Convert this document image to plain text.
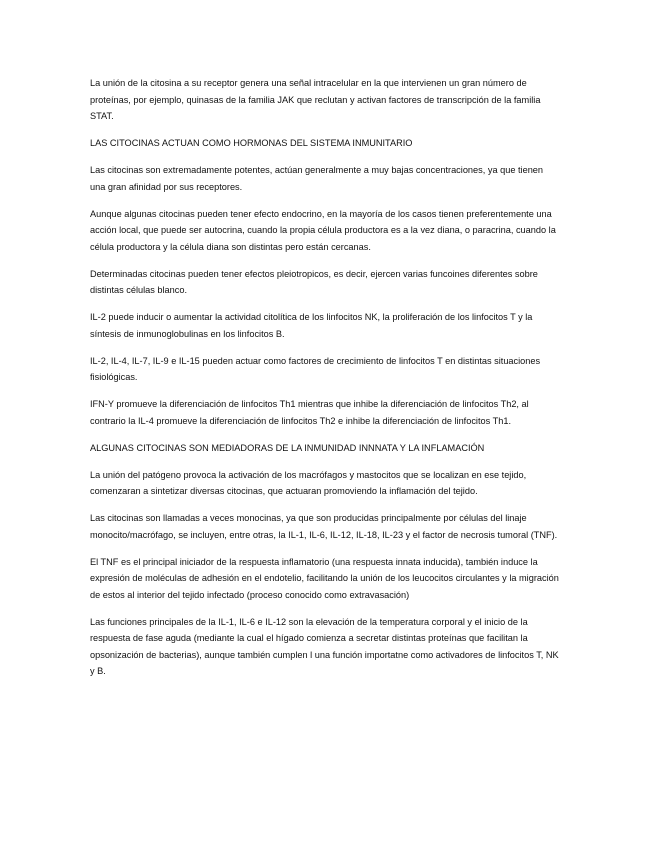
La unión de la citosina a su receptor genera una señal intracelular en la que intervienen un gran número de proteínas, por ejemplo, quinasas de la familia JAK que reclutan y activan factores de transcripción de la familia STAT.

LAS CITOCINAS ACTUAN COMO HORMONAS DEL SISTEMA INMUNITARIO

Las citocinas son extremadamente potentes, actúan generalmente a muy bajas concentraciones, ya que tienen una gran afinidad por sus receptores.

Aunque algunas citocinas pueden tener efecto endocrino, en la mayoría de los casos tienen preferentemente una acción local, que puede ser autocrina, cuando la propia célula productora es a la vez diana, o paracrina, cuando la célula productora y la célula diana son distintas pero están cercanas.

Determinadas citocinas pueden tener efectos pleiotropicos, es decir, ejercen varias funcoines diferentes sobre distintas células blanco.

IL-2 puede inducir o aumentar la actividad citolítica de los linfocitos NK, la proliferación de los linfocitos T y la síntesis de inmunoglobulinas en los linfocitos B.

IL-2, IL-4, IL-7, IL-9 e IL-15 pueden actuar como factores de crecimiento de linfocitos T en distintas situaciones fisiológicas.

IFN-Y promueve la diferenciación de linfocitos Th1 mientras que inhibe la diferenciación de linfocitos Th2, al contrario la IL-4 promueve la diferenciación de linfocitos Th2 e inhibe la diferenciación de linfocitos Th1.

ALGUNAS CITOCINAS SON MEDIADORAS DE LA INMUNIDAD INNNATA Y LA INFLAMACIÓN

La unión del patógeno provoca la activación de los macrófagos y mastocitos que se localizan en ese tejido, comenzaran a sintetizar diversas citocinas, que actuaran promoviendo la inflamación del tejido.

Las citocinas son llamadas a veces monocinas, ya que son producidas principalmente por células del linaje monocito/macrófago, se incluyen, entre otras, la IL-1, IL-6, IL-12, IL-18, IL-23 y el factor de necrosis tumoral (TNF).

El TNF es el principal iniciador de la respuesta inflamatorio (una respuesta innata inducida), también induce la expresión de moléculas de adhesión en el endotelio, facilitando la unión de los leucocitos circulantes y la migración de estos al interior del tejido infectado (proceso conocido como extravasación)

Las funciones principales de la IL-1, IL-6 e IL-12 son la elevación de la temperatura corporal y el inicio de la respuesta de fase aguda (mediante la cual el hígado comienza a secretar distintas proteínas que facilitan la opsonización de bacterias), aunque también cumplen l una función importatne como activadores de linfocitos T, NK y B.
